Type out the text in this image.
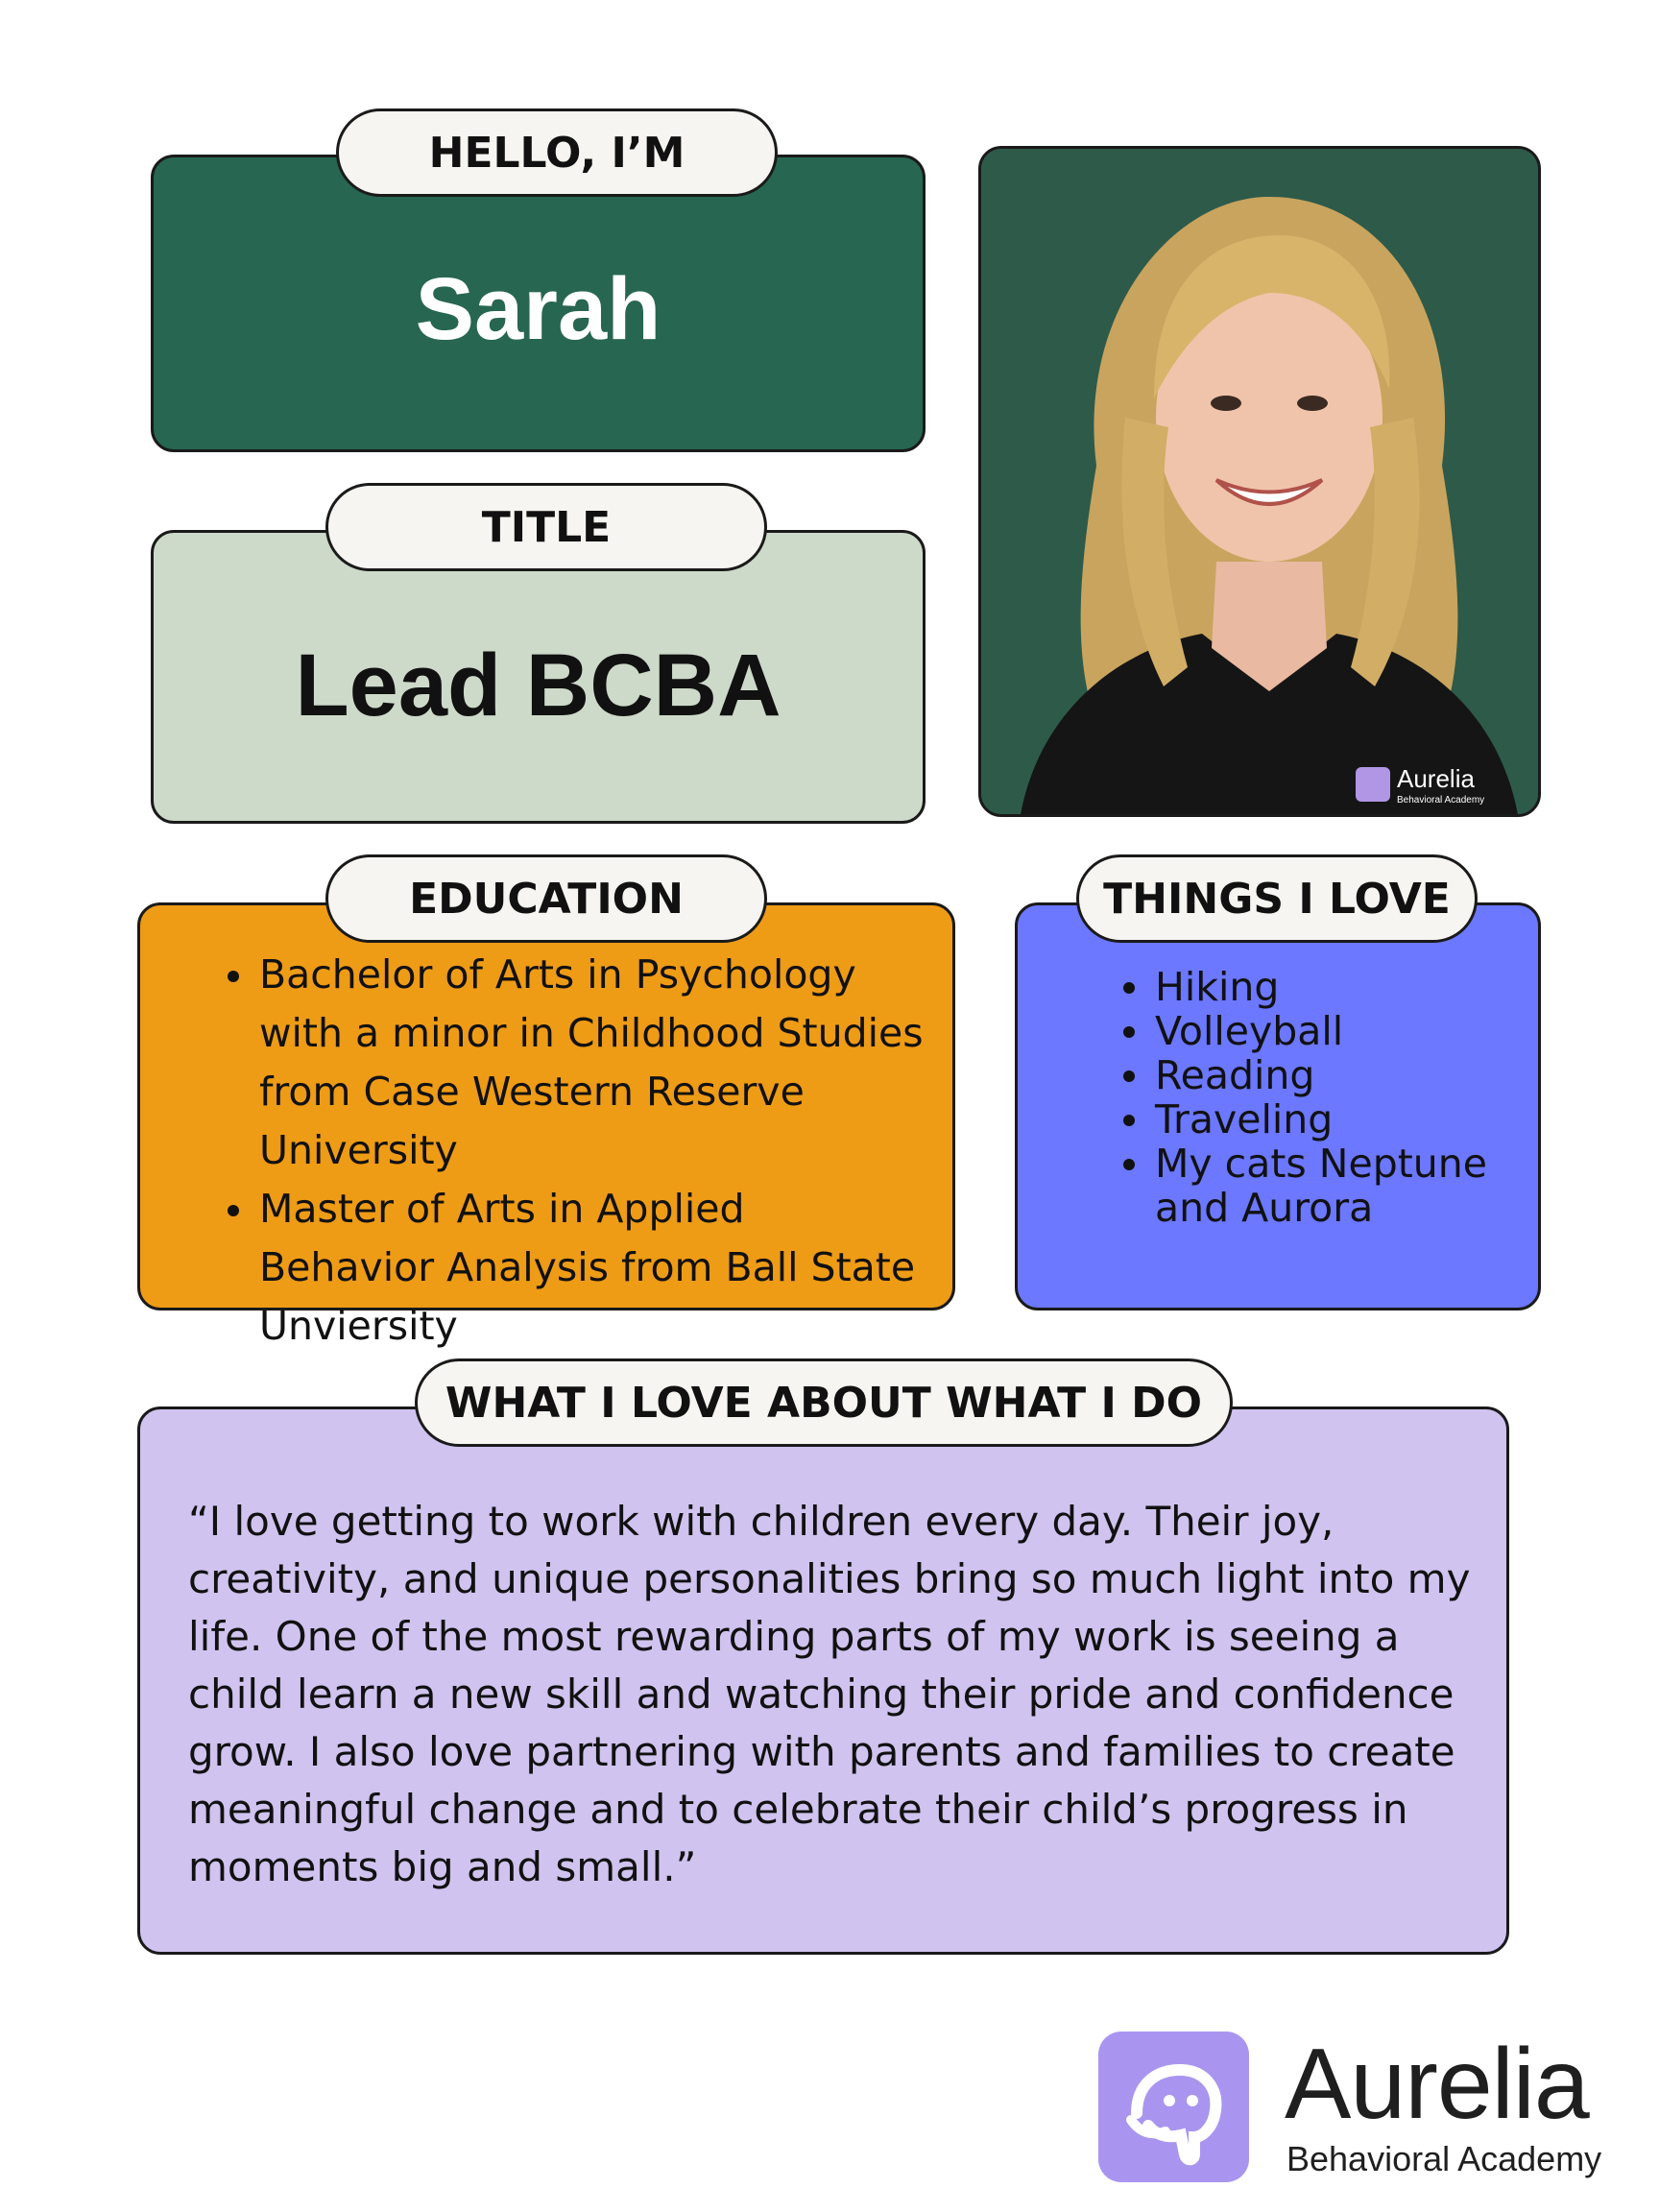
HELLO, I’M
Sarah
TITLE
Lead BCBA
Aurelia
Behavioral Academy
EDUCATION
Bachelor of Arts in Psychology with a minor in Childhood Studies from Case Western Reserve University
Master of Arts in Applied Behavior Analysis from Ball State Unviersity
THINGS I LOVE
Hiking
Volleyball
Reading
Traveling
My cats Neptune and Aurora
WHAT I LOVE ABOUT WHAT I DO

“I love getting to work with children every day. Their joy, creativity, and unique personalities bring so much light into my life. One of the most rewarding parts of my work is seeing a child learn a new skill and watching their pride and confidence grow. I also love partnering with parents and families to create meaningful change and to celebrate their child’s progress in moments big and small.”

Aurelia
Behavioral Academy
